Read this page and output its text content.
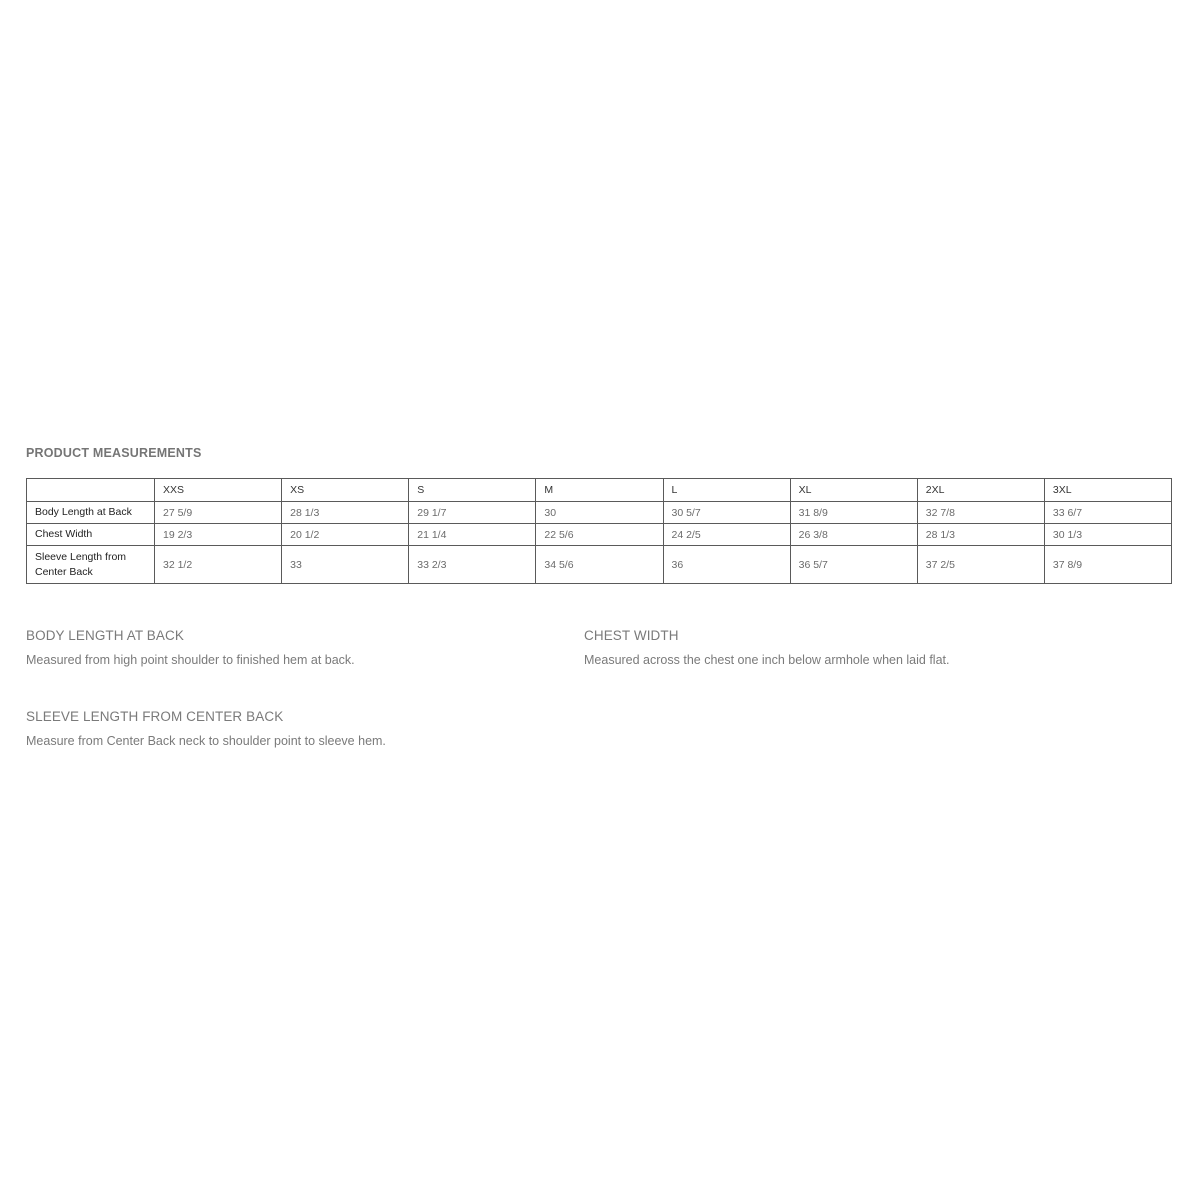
PRODUCT MEASUREMENTS
	XXS	XS	S	M	L	XL	2XL	3XL
Body Length at Back	27 5/9	28 1/3	29 1/7	30	30 5/7	31 8/9	32 7/8	33 6/7
Chest Width	19 2/3	20 1/2	21 1/4	22 5/6	24 2/5	26 3/8	28 1/3	30 1/3
Sleeve Length from Center Back	32 1/2	33	33 2/3	34 5/6	36	36 5/7	37 2/5	37 8/9
BODY LENGTH AT BACK

Measured from high point shoulder to finished hem at back.

CHEST WIDTH

Measured across the chest one inch below armhole when laid flat.

SLEEVE LENGTH FROM CENTER BACK

Measure from Center Back neck to shoulder point to sleeve hem.
